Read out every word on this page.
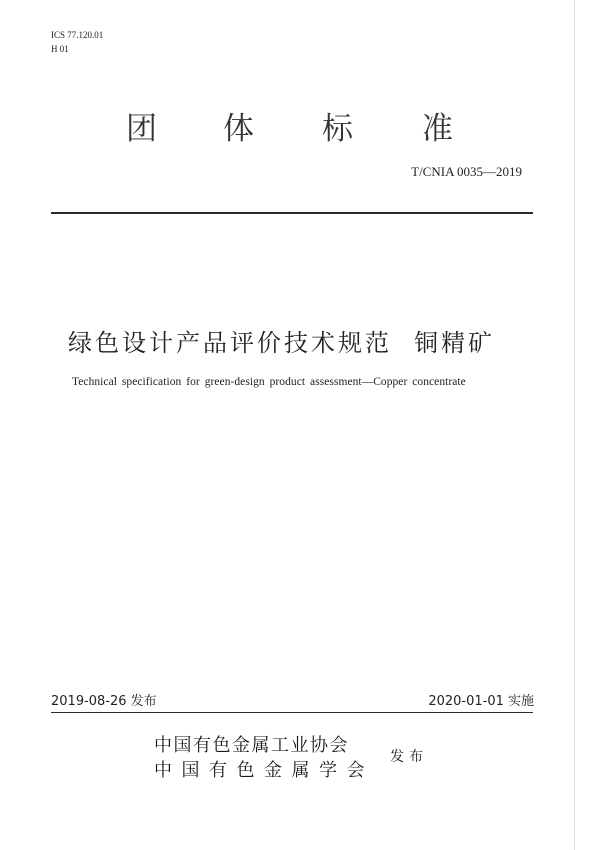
ICS 77.120.01
H 01
团 体 标 准
T/CNIA 0035—2019
绿色设计产品评价技术规范 铜精矿
Technical specification for green-design product assessment—Copper concentrate
2019-08-26 发布	2020-01-01 实施
中国有色金属工业协会
中国有色金属学会
发布
